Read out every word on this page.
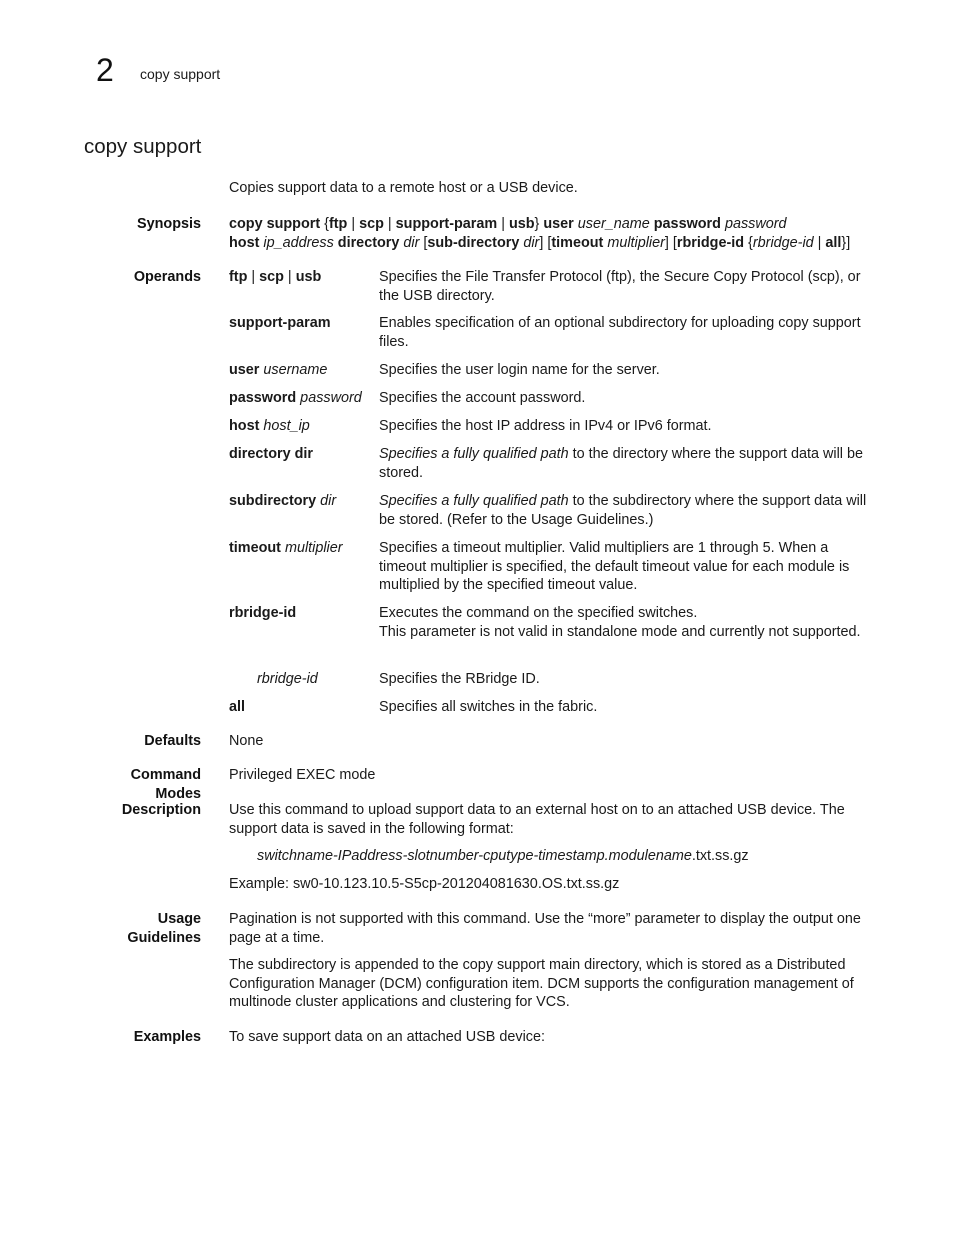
2 copy support
copy support
Copies support data to a remote host or a USB device.
Synopsis copy support {ftp | scp | support-param | usb} user user_name password password

host ip_address directory dir [sub-directory dir] [timeout multiplier] [rbridge-id {rbridge-id | all}]

Operands ftp | scp | usb	Specifies the File Transfer Protocol (ftp), the Secure Copy Protocol (scp), or the USB directory.

support-param	Enables specification of an optional subdirectory for uploading copy support files.

user username	Specifies the user login name for the server.

password password	Specifies the account password.

host host_ip	Specifies the host IP address in IPv4 or IPv6 format.

directory dir	Specifies a fully qualified path to the directory where the support data will be stored.

subdirectory dir	Specifies a fully qualified path to the subdirectory where the support data will be stored. (Refer to the Usage Guidelines.)

timeout multiplier	Specifies a timeout multiplier. Valid multipliers are 1 through 5. When a timeout multiplier is specified, the default timeout value for each module is multiplied by the specified timeout value.

rbridge-id	Executes the command on the specified switches.

This parameter is not valid in standalone mode and currently not supported.

rbridge-id	Specifies the RBridge ID.

all	Specifies all switches in the fabric.

Defaults None
Command Modes
Privileged EXEC mode
Description Use this command to upload support data to an external host on to an attached USB device. The support data is saved in the following format:

switchname-IPaddress-slotnumber-cputype-timestamp.modulename.txt.ss.gz

Example: sw0-10.123.10.5-S5cp-201204081630.OS.txt.ss.gz

Usage Guidelines

Pagination is not supported with this command. Use the “more” parameter to display the output one page at a time.

The subdirectory is appended to the copy support main directory, which is stored as a Distributed Configuration Manager (DCM) configuration item. DCM supports the configuration management of multinode cluster applications and clustering for VCS.

Examples To save support data on an attached USB device:
